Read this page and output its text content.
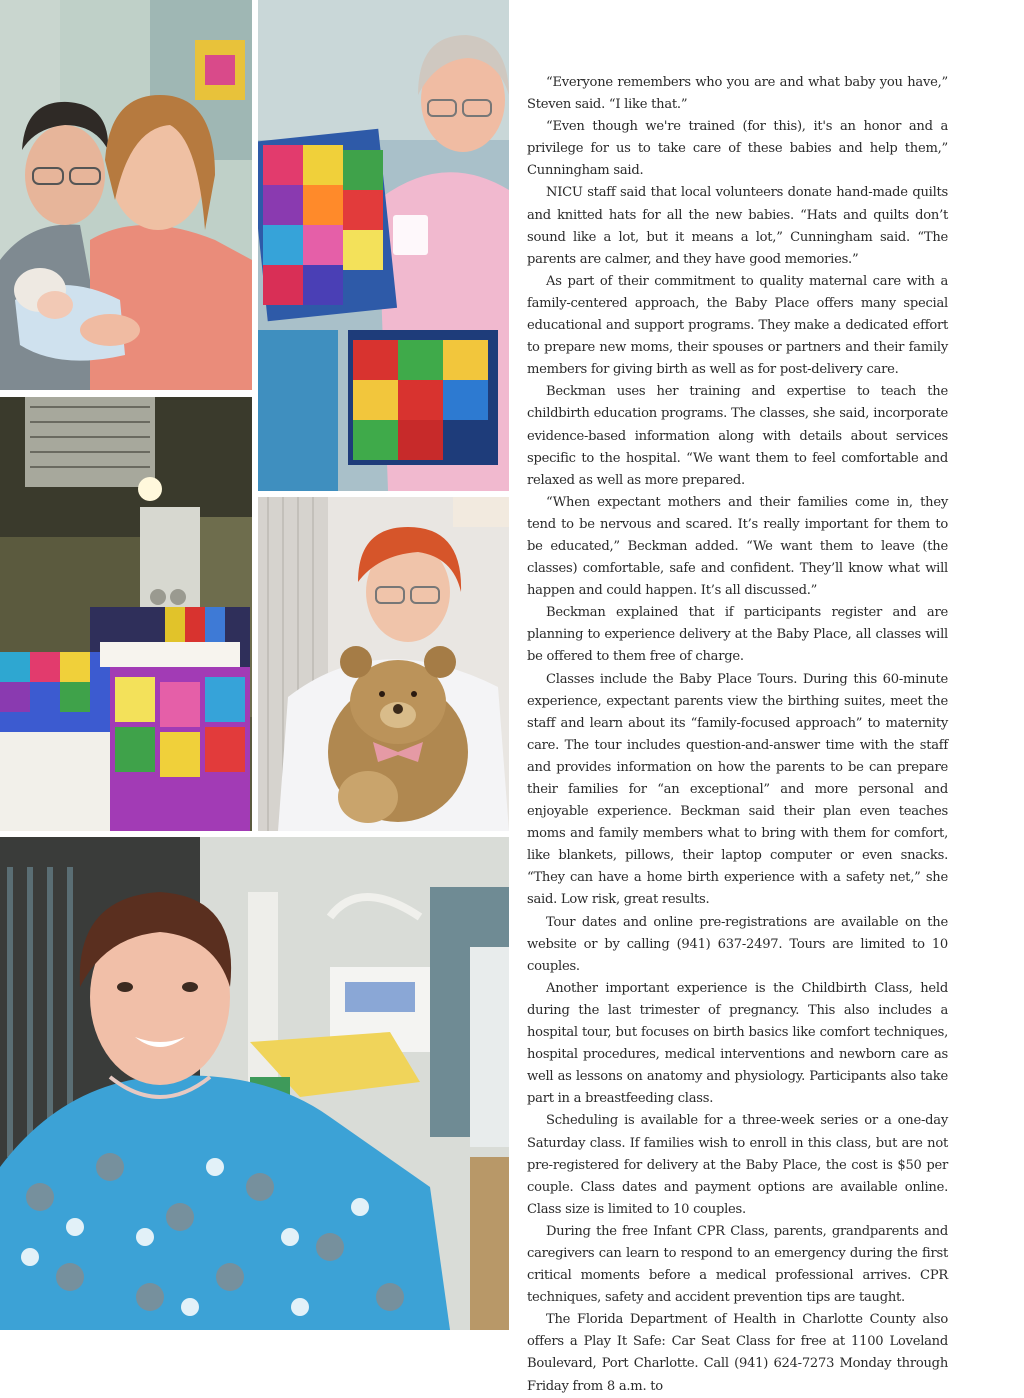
“Everyone remembers who you are and what baby you have,” Steven said. “I like that.”

“Even though we're trained (for this), it's an honor and a privilege for us to take care of these babies and help them,” Cunningham said.

NICU staff said that local volunteers donate hand-made quilts and knitted hats for all the new babies. “Hats and quilts don’t sound like a lot, but it means a lot,” Cunningham said. “The parents are calmer, and they have good memories.”

As part of their commitment to quality maternal care with a family-centered approach, the Baby Place offers many special educational and support programs. They make a dedicated effort to prepare new moms, their spouses or partners and their family members for giving birth as well as for post-delivery care.

Beckman uses her training and expertise to teach the childbirth education programs. The classes, she said, incorporate evidence-based information along with details about services specific to the hospital. “We want them to feel comfortable and relaxed as well as more prepared.

“When expectant mothers and their families come in, they tend to be nervous and scared. It’s really important for them to be educated,” Beckman added. “We want them to leave (the classes) comfortable, safe and confident. They’ll know what will happen and could happen. It’s all discussed.”

Beckman explained that if participants register and are planning to experience delivery at the Baby Place, all classes will be offered to them free of charge.

Classes include the Baby Place Tours. During this 60-minute experience, expectant parents view the birthing suites, meet the staff and learn about its “family-focused approach” to maternity care. The tour includes question-and-answer time with the staff and provides information on how the parents to be can prepare their families for “an exceptional” and more personal and enjoyable experience. Beckman said their plan even teaches moms and family members what to bring with them for comfort, like blankets, pillows, their laptop computer or even snacks. “They can have a home birth experience with a safety net,” she said. Low risk, great results.

Tour dates and online pre-registrations are available on the website or by calling (941) 637-2497. Tours are limited to 10 couples.

Another important experience is the Childbirth Class, held during the last trimester of pregnancy. This also includes a hospital tour, but focuses on birth basics like comfort techniques, hospital procedures, medical interventions and newborn care as well as lessons on anatomy and physiology. Participants also take part in a breastfeeding class.

Scheduling is available for a three-week series or a one-day Saturday class. If families wish to enroll in this class, but are not pre-registered for delivery at the Baby Place, the cost is $50 per couple. Class dates and payment options are available online. Class size is limited to 10 couples.

During the free Infant CPR Class, parents, grandparents and caregivers can learn to respond to an emergency during the first critical moments before a medical professional arrives. CPR techniques, safety and accident prevention tips are taught.

The Florida Department of Health in Charlotte County also offers a Play It Safe: Car Seat Class for free at 1100 Loveland Boulevard, Port Charlotte. Call (941) 624-7273 Monday through Friday from 8 a.m. to
